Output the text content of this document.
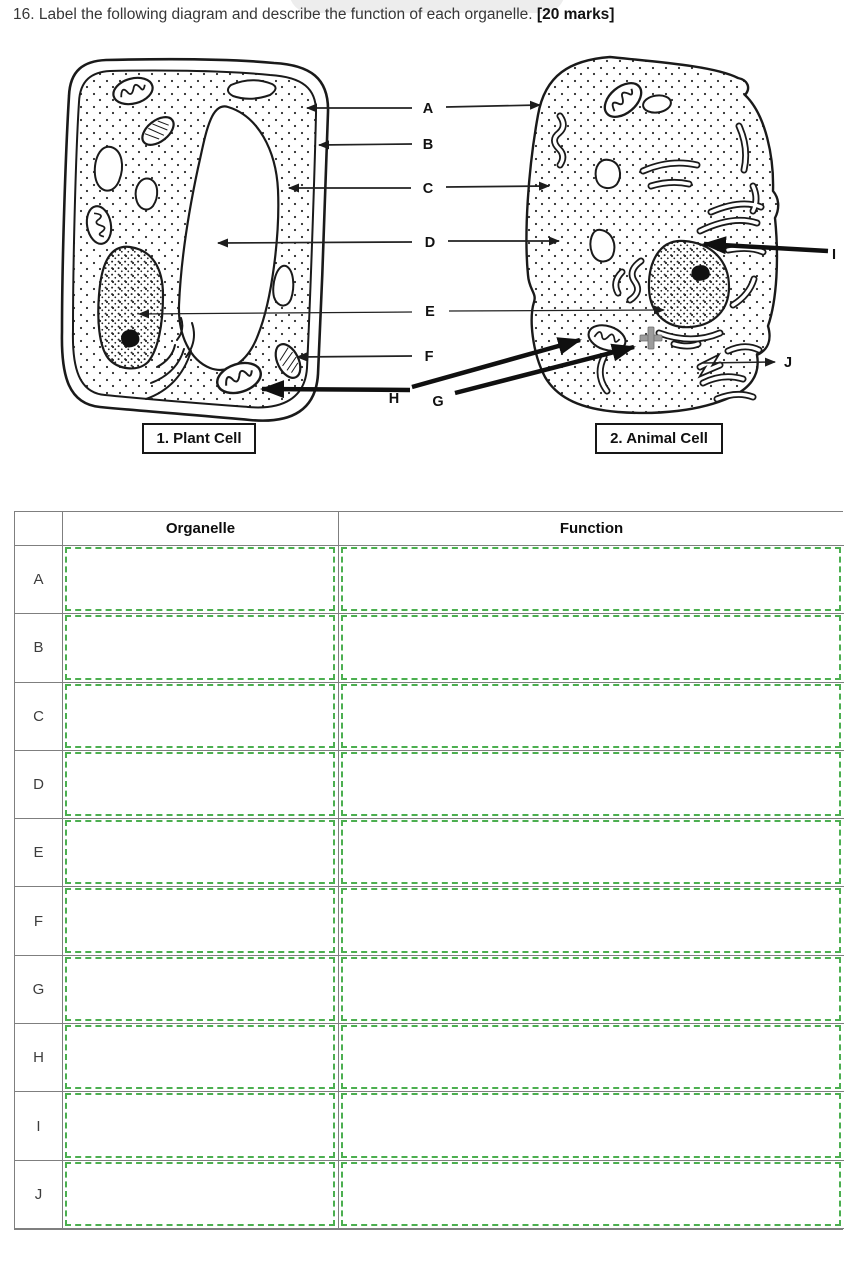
16. Label the following diagram and describe the function of each organelle. [20 marks]
A
B
C
D
E
F
H G
I
J
1. Plant Cell	2. Animal Cell
Organelle	Function
A
B
C
D
E
F
G
H
I
J
